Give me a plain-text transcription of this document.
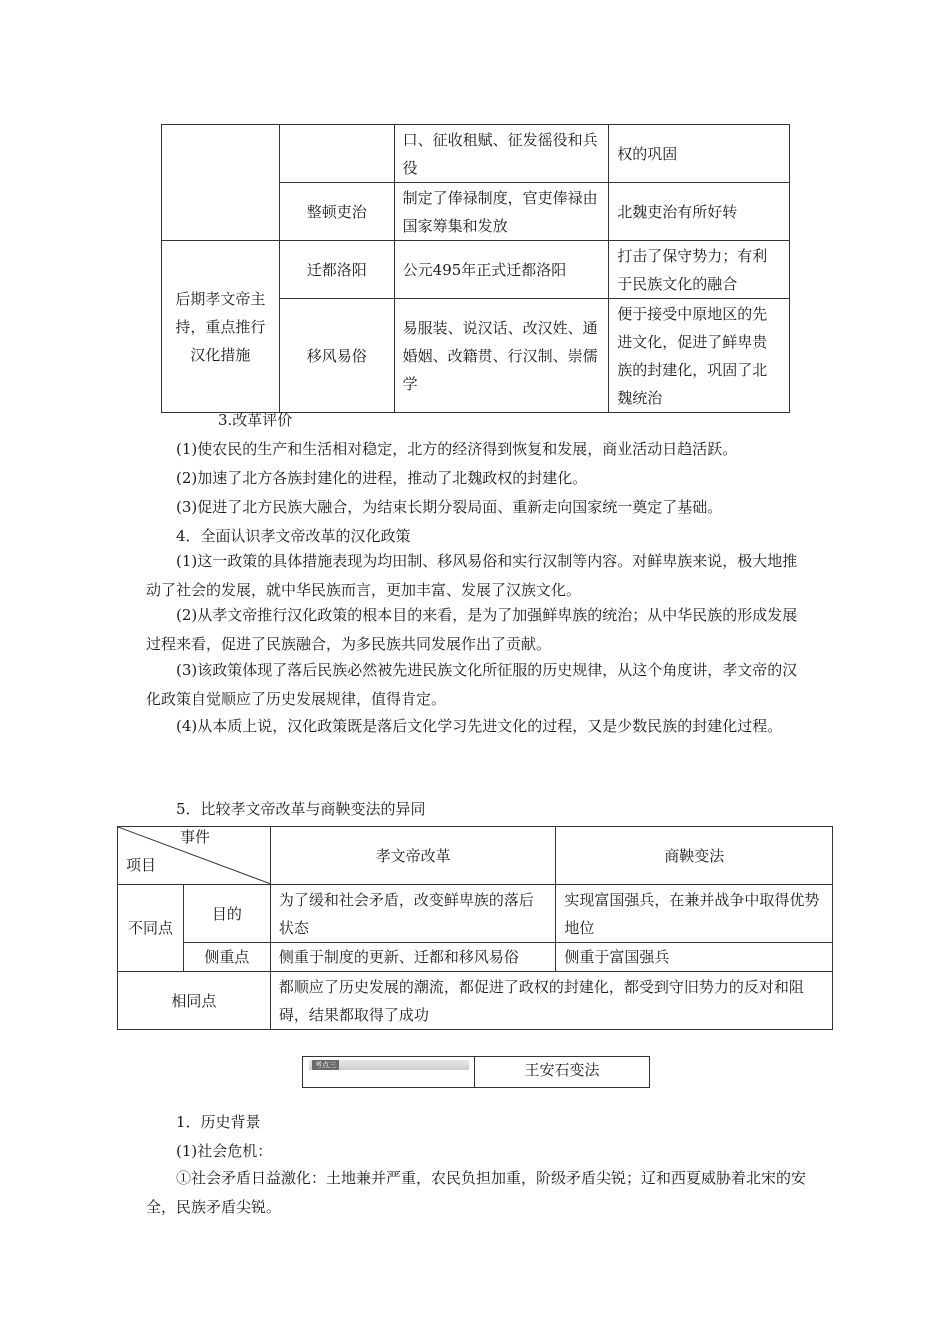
		口、征收租赋、征发徭役和兵役	权的巩固
	整顿吏治	制定了俸禄制度，官吏俸禄由国家筹集和发放	北魏吏治有所好转
后期孝文帝主持，重点推行汉化措施	迁都洛阳	公元495年正式迁都洛阳	打击了保守势力；有利于民族文化的融合
	移风易俗	易服装、说汉话、改汉姓、通婚姻、改籍贯、行汉制、崇儒学	便于接受中原地区的先进文化，促进了鲜卑贵族的封建化，巩固了北魏统治
3.改革评价
(1)使农民的生产和生活相对稳定，北方的经济得到恢复和发展，商业活动日趋活跃。
(2)加速了北方各族封建化的进程，推动了北魏政权的封建化。
(3)促进了北方民族大融合，为结束长期分裂局面、重新走向国家统一奠定了基础。
4．全面认识孝文帝改革的汉化政策
(1)这一政策的具体措施表现为均田制、移风易俗和实行汉制等内容。对鲜卑族来说，极大地推动了社会的发展，就中华民族而言，更加丰富、发展了汉族文化。
(2)从孝文帝推行汉化政策的根本目的来看，是为了加强鲜卑族的统治；从中华民族的形成发展过程来看，促进了民族融合，为多民族共同发展作出了贡献。
(3)该政策体现了落后民族必然被先进民族文化所征服的历史规律，从这个角度讲，孝文帝的汉化政策自觉顺应了历史发展规律，值得肯定。
(4)从本质上说，汉化政策既是落后文化学习先进文化的过程，又是少数民族的封建化过程。
5．比较孝文帝改革与商鞅变法的异同
事件
项目		孝文帝改革	商鞅变法
不同点	目的	为了缓和社会矛盾，改变鲜卑族的落后状态	实现富国强兵，在兼并战争中取得优势地位
	侧重点	侧重于制度的更新、迁都和移风易俗	侧重于富国强兵
相同点		都顺应了历史发展的潮流，都促进了政权的封建化，都受到守旧势力的反对和阻碍，结果都取得了成功	
考点三	王安石变法
1．历史背景
(1)社会危机：
①社会矛盾日益激化：土地兼并严重，农民负担加重，阶级矛盾尖锐；辽和西夏威胁着北宋的安全，民族矛盾尖锐。
